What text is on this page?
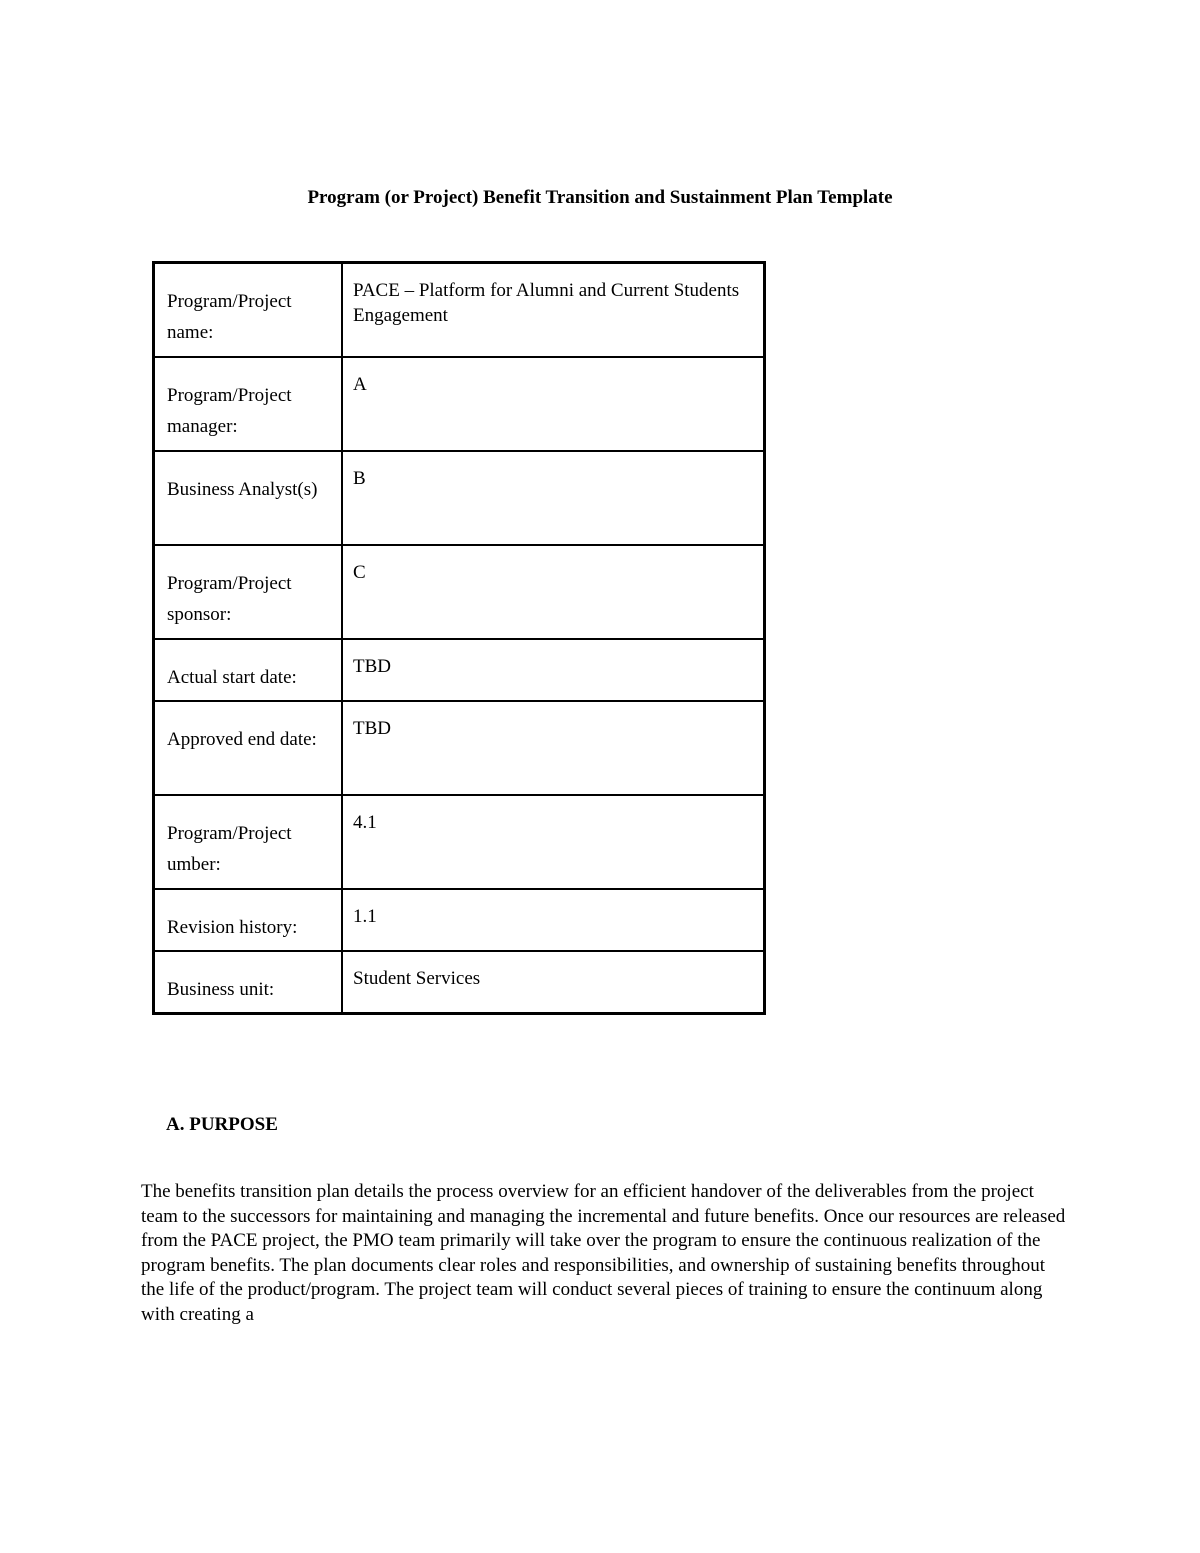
Program (or Project) Benefit Transition and Sustainment Plan Template
Program/Project name:	PACE – Platform for Alumni and Current Students Engagement

Program/Project manager:	A

Business Analyst(s)	B

Program/Project sponsor:	C

Actual start date:	TBD

Approved end date:	TBD

Program/Project umber:	4.1

Revision history:	1.1

Business unit:	Student Services
A. PURPOSE

The benefits transition plan details the process overview for an efficient handover of the deliverables from the project team to the successors for maintaining and managing the incremental and future benefits. Once our resources are released from the PACE project, the PMO team primarily will take over the program to ensure the continuous realization of the program benefits. The plan documents clear roles and responsibilities, and ownership of sustaining benefits throughout the life of the product/program. The project team will conduct several pieces of training to ensure the continuum along with creating a
